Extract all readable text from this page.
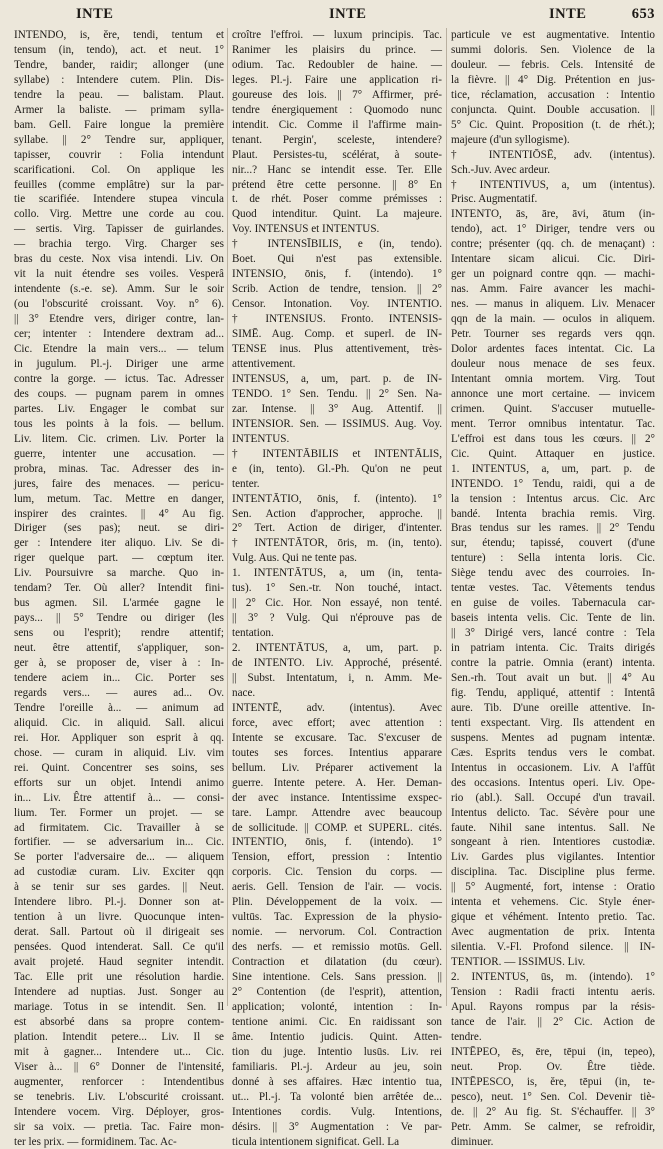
INTE	INTE	INTE	653
INTENDO, is, ĕre, tendi, tentum et
tensum (in, tendo), act. et neut. 1°
Tendre, bander, raidir; allonger (une
syllabe) : Intendere cutem. Plin. Dis-
tendre la peau. — balistam. Plaut.
Armer la baliste. — primam sylla-
bam. Gell. Faire longue la première
syllabe. || 2° Tendre sur, appliquer,
tapisser, couvrir : Folia intendunt
scarificationi. Col. On applique les
feuilles (comme emplâtre) sur la par-
tie scarifiée. Intendere stupea vincula
collo. Virg. Mettre une corde au cou.
— sertis. Virg. Tapisser de guirlandes.
— brachia tergo. Virg. Charger ses
bras du ceste. Nox visa intendi. Liv. On
vit la nuit étendre ses voiles. Vesperâ
intendente (s.-e. se). Amm. Sur le soir
(ou l'obscurité croissant. Voy. n° 6).
|| 3° Etendre vers, diriger contre, lan-
cer; intenter : Intendere dextram ad...
Cic. Etendre la main vers... — telum
in jugulum. Pl.-j. Diriger une arme
contre la gorge. — ictus. Tac. Adresser
des coups. — pugnam parem in omnes
partes. Liv. Engager le combat sur
tous les points à la fois. — bellum.
Liv. litem. Cic. crimen. Liv. Porter la
guerre, intenter une accusation. —
probra, minas. Tac. Adresser des in-
jures, faire des menaces. — pericu-
lum, metum. Tac. Mettre en danger,
inspirer des craintes. || 4° Au fig.
Diriger (ses pas); neut. se diri-
ger : Intendere iter aliquo. Liv. Se di-
riger quelque part. — cœptum iter.
Liv. Poursuivre sa marche. Quo in-
tendam? Ter. Où aller? Intendit fini-
bus agmen. Sil. L'armée gagne le
pays... || 5° Tendre ou diriger (les
sens ou l'esprit); rendre attentif;
neut. être attentif, s'appliquer, son-
ger à, se proposer de, viser à : In-
tendere aciem in... Cic. Porter ses
regards vers... — aures ad... Ov.
Tendre l'oreille à... — animum ad
aliquid. Cic. in aliquid. Sall. alicui
rei. Hor. Appliquer son esprit à qq.
chose. — curam in aliquid. Liv. vim
rei. Quint. Concentrer ses soins, ses
efforts sur un objet. Intendi animo
in... Liv. Être attentif à... — consi-
lium. Ter. Former un projet. — se
ad firmitatem. Cic. Travailler à se
fortifier. — se adversarium in... Cic.
Se porter l'adversaire de... — aliquem
ad custodiæ curam. Liv. Exciter qqn
à se tenir sur ses gardes. || Neut.
Intendere libro. Pl.-j. Donner son at-
tention à un livre. Quocunque inten-
derat. Sall. Partout où il dirigeait ses
pensées. Quod intenderat. Sall. Ce qu'il
avait projeté. Haud segniter intendit.
Tac. Elle prit une résolution hardie.
Intendere ad nuptias. Just. Songer au
mariage. Totus in se intendit. Sen. Il
est absorbé dans sa propre contem-
plation. Intendit petere... Liv. Il se
mit à gagner... Intendere ut... Cic.
Viser à... || 6° Donner de l'intensité,
augmenter, renforcer : Intendentibus
se tenebris. Liv. L'obscurité croissant.
Intendere vocem. Virg. Déployer, gros-
sir sa voix. — pretia. Tac. Faire mon-
ter les prix. — formidinem. Tac. Ac-
croître l'effroi. — luxum principis. Tac.
Ranimer les plaisirs du prince. —
odium. Tac. Redoubler de haine. —
leges. Pl.-j. Faire une application ri-
goureuse des lois. || 7° Affirmer, pré-
tendre énergiquement : Quomodo nunc
intendit. Cic. Comme il l'affirme main-
tenant. Pergin', sceleste, intendere?
Plaut. Persistes-tu, scélérat, à soute-
nir...? Hanc se intendit esse. Ter. Elle
prétend être cette personne. || 8° En
t. de rhét. Poser comme prémisses :
Quod intenditur. Quint. La majeure.
Voy. INTENSUS et INTENTUS.
† INTENSĪBILIS, e (in, tendo).
Boet. Qui n'est pas extensible.
INTENSIO, ōnis, f. (intendo). 1°
Scrib. Action de tendre, tension. || 2°
Censor. Intonation. Voy. INTENTIO.
† INTENSIUS. Fronto. INTENSIS-
SIMĒ. Aug. Comp. et superl. de IN-
TENSE inus. Plus attentivement, très-
attentivement.
INTENSUS, a, um, part. p. de IN-
TENDO. 1° Sen. Tendu. || 2° Sen. Na-
zar. Intense. || 3° Aug. Attentif. ||
INTENSIOR. Sen. — ISSIMUS. Aug. Voy.
INTENTUS.
† INTENTĀBILIS et INTENTĀLIS,
e (in, tento). Gl.-Ph. Qu'on ne peut
tenter.
INTENTĀTIO, ōnis, f. (intento). 1°
Sen. Action d'approcher, approche. ||
2° Tert. Action de diriger, d'intenter.
† INTENTĀTOR, ōris, m. (in, tento).
Vulg. Aus. Qui ne tente pas.
1. INTENTĀTUS, a, um (in, tenta-
tus). 1° Sen.-tr. Non touché, intact.
|| 2° Cic. Hor. Non essayé, non tenté.
|| 3° ? Vulg. Qui n'éprouve pas de
tentation.
2. INTENTĀTUS, a, um, part. p.
de INTENTO. Liv. Approché, présenté.
|| Subst. Intentatum, i, n. Amm. Me-
nace.
INTENTĒ, adv. (intentus). Avec
force, avec effort; avec attention :
Intente se excusare. Tac. S'excuser de
toutes ses forces. Intentius apparare
bellum. Liv. Préparer activement la
guerre. Intente petere. A. Her. Deman-
der avec instance. Intentissime exspec-
tare. Lampr. Attendre avec beaucoup
de sollicitude. || COMP. et SUPERL. cités.
INTENTIO, ōnis, f. (intendo). 1°
Tension, effort, pression : Intentio
corporis. Cic. Tension du corps. —
aeris. Gell. Tension de l'air. — vocis.
Plin. Développement de la voix. —
vultūs. Tac. Expression de la physio-
nomie. — nervorum. Col. Contraction
des nerfs. — et remissio motūs. Gell.
Contraction et dilatation (du cœur).
Sine intentione. Cels. Sans pression. ||
2° Contention (de l'esprit), attention,
application; volonté, intention : In-
tentione animi. Cic. En raidissant son
âme. Intentio judicis. Quint. Atten-
tion du juge. Intentio lusūs. Liv. rei
familiaris. Pl.-j. Ardeur au jeu, soin
donné à ses affaires. Hæc intentio tua,
ut... Pl.-j. Ta volonté bien arrêtée de...
Intentiones cordis. Vulg. Intentions,
désirs. || 3° Augmentation : Ve par-
ticula intentionem significat. Gell. La
particule ve est augmentative. Intentio
summi doloris. Sen. Violence de la
douleur. — febris. Cels. Intensité de
la fièvre. || 4° Dig. Prétention en jus-
tice, réclamation, accusation : Intentio
conjuncta. Quint. Double accusation. ||
5° Cic. Quint. Proposition (t. de rhét.);
majeure (d'un syllogisme).
† INTENTIŌSĒ, adv. (intentus).
Sch.-Juv. Avec ardeur.
† INTENTIVUS, a, um (intentus).
Prisc. Augmentatif.
INTENTO, ās, āre, āvi, ātum (in-
tendo), act. 1° Diriger, tendre vers ou
contre; présenter (qq. ch. de menaçant) :
Intentare sicam alicui. Cic. Diri-
ger un poignard contre qqn. — machi-
nas. Amm. Faire avancer les machi-
nes. — manus in aliquem. Liv. Menacer
qqn de la main. — oculos in aliquem.
Petr. Tourner ses regards vers qqn.
Dolor ardentes faces intentat. Cic. La
douleur nous menace de ses feux.
Intentant omnia mortem. Virg. Tout
annonce une mort certaine. — invicem
crimen. Quint. S'accuser mutuelle-
ment. Terror omnibus intentatur. Tac.
L'effroi est dans tous les cœurs. || 2°
Cic. Quint. Attaquer en justice.
1. INTENTUS, a, um, part. p. de
INTENDO. 1° Tendu, raidi, qui a de
la tension : Intentus arcus. Cic. Arc
bandé. Intenta brachia remis. Virg.
Bras tendus sur les rames. || 2° Tendu
sur, étendu; tapissé, couvert (d'une
tenture) : Sella intenta loris. Cic.
Siège tendu avec des courroies. In-
tentæ vestes. Tac. Vêtements tendus
en guise de voiles. Tabernacula car-
baseis intenta velis. Cic. Tente de lin.
|| 3° Dirigé vers, lancé contre : Tela
in patriam intenta. Cic. Traits dirigés
contre la patrie. Omnia (erant) intenta.
Sen.-rh. Tout avait un but. || 4° Au
fig. Tendu, appliqué, attentif : Intentâ
aure. Tib. D'une oreille attentive. In-
tenti exspectant. Virg. Ils attendent en
suspens. Mentes ad pugnam intentæ.
Cæs. Esprits tendus vers le combat.
Intentus in occasionem. Liv. A l'affût
des occasions. Intentus operi. Liv. Ope-
rio (abl.). Sall. Occupé d'un travail.
Intentus delicto. Tac. Sévère pour une
faute. Nihil sane intentus. Sall. Ne
songeant à rien. Intentiores custodiæ.
Liv. Gardes plus vigilantes. Intentior
disciplina. Tac. Discipline plus ferme.
|| 5° Augmenté, fort, intense : Oratio
intenta et vehemens. Cic. Style éner-
gique et véhément. Intento pretio. Tac.
Avec augmentation de prix. Intenta
silentia. V.-Fl. Profond silence. || IN-
TENTIOR. — ISSIMUS. Liv.
2. INTENTUS, ūs, m. (intendo). 1°
Tension : Radii fracti intentu aeris.
Apul. Rayons rompus par la résis-
tance de l'air. || 2° Cic. Action de
tendre.
INTĒPEO, ēs, ēre, tēpui (in, tepeo),
neut. Prop. Ov. Être tiède.
INTĒPESCO, is, ĕre, tēpui (in, te-
pesco), neut. 1° Sen. Col. Devenir tiè-
de. || 2° Au fig. St. S'échauffer. || 3°
Petr. Amm. Se calmer, se refroidir,
diminuer.
